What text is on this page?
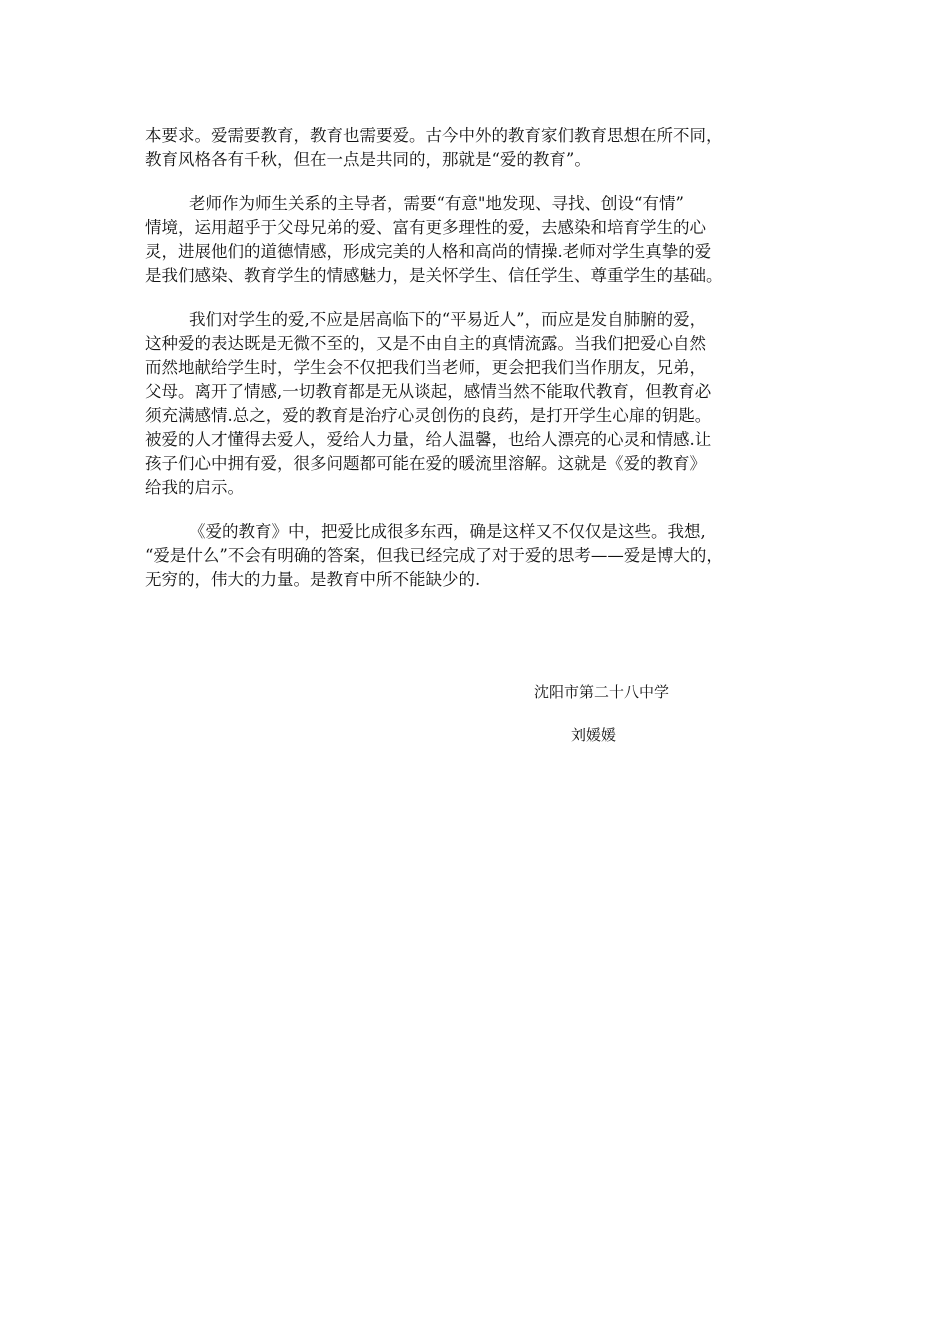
本要求。爱需要教育，教育也需要爱。古今中外的教育家们教育思想在所不同，
教育风格各有千秋，但在一点是共同的，那就是“爱的教育”。

老师作为师生关系的主导者，需要“有意"地发现、寻找、创设“有情”
情境，运用超乎于父母兄弟的爱、富有更多理性的爱，去感染和培育学生的心
灵，进展他们的道德情感，形成完美的人格和高尚的情操.老师对学生真挚的爱
是我们感染、教育学生的情感魅力，是关怀学生、信任学生、尊重学生的基础。

我们对学生的爱,不应是居高临下的“平易近人”，而应是发自肺腑的爱，
这种爱的表达既是无微不至的，又是不由自主的真情流露。当我们把爱心自然
而然地献给学生时，学生会不仅把我们当老师，更会把我们当作朋友，兄弟，
父母。离开了情感,一切教育都是无从谈起，感情当然不能取代教育，但教育必
须充满感情.总之，爱的教育是治疗心灵创伤的良药，是打开学生心扉的钥匙。
被爱的人才懂得去爱人，爱给人力量，给人温馨，也给人漂亮的心灵和情感.让
孩子们心中拥有爱，很多问题都可能在爱的暖流里溶解。这就是《爱的教育》
给我的启示。

《爱的教育》中，把爱比成很多东西，确是这样又不仅仅是这些。我想,
“爱是什么”不会有明确的答案，但我已经完成了对于爱的思考——爱是博大的，
无穷的，伟大的力量。是教育中所不能缺少的.

沈阳市第二十八中学
刘媛媛
